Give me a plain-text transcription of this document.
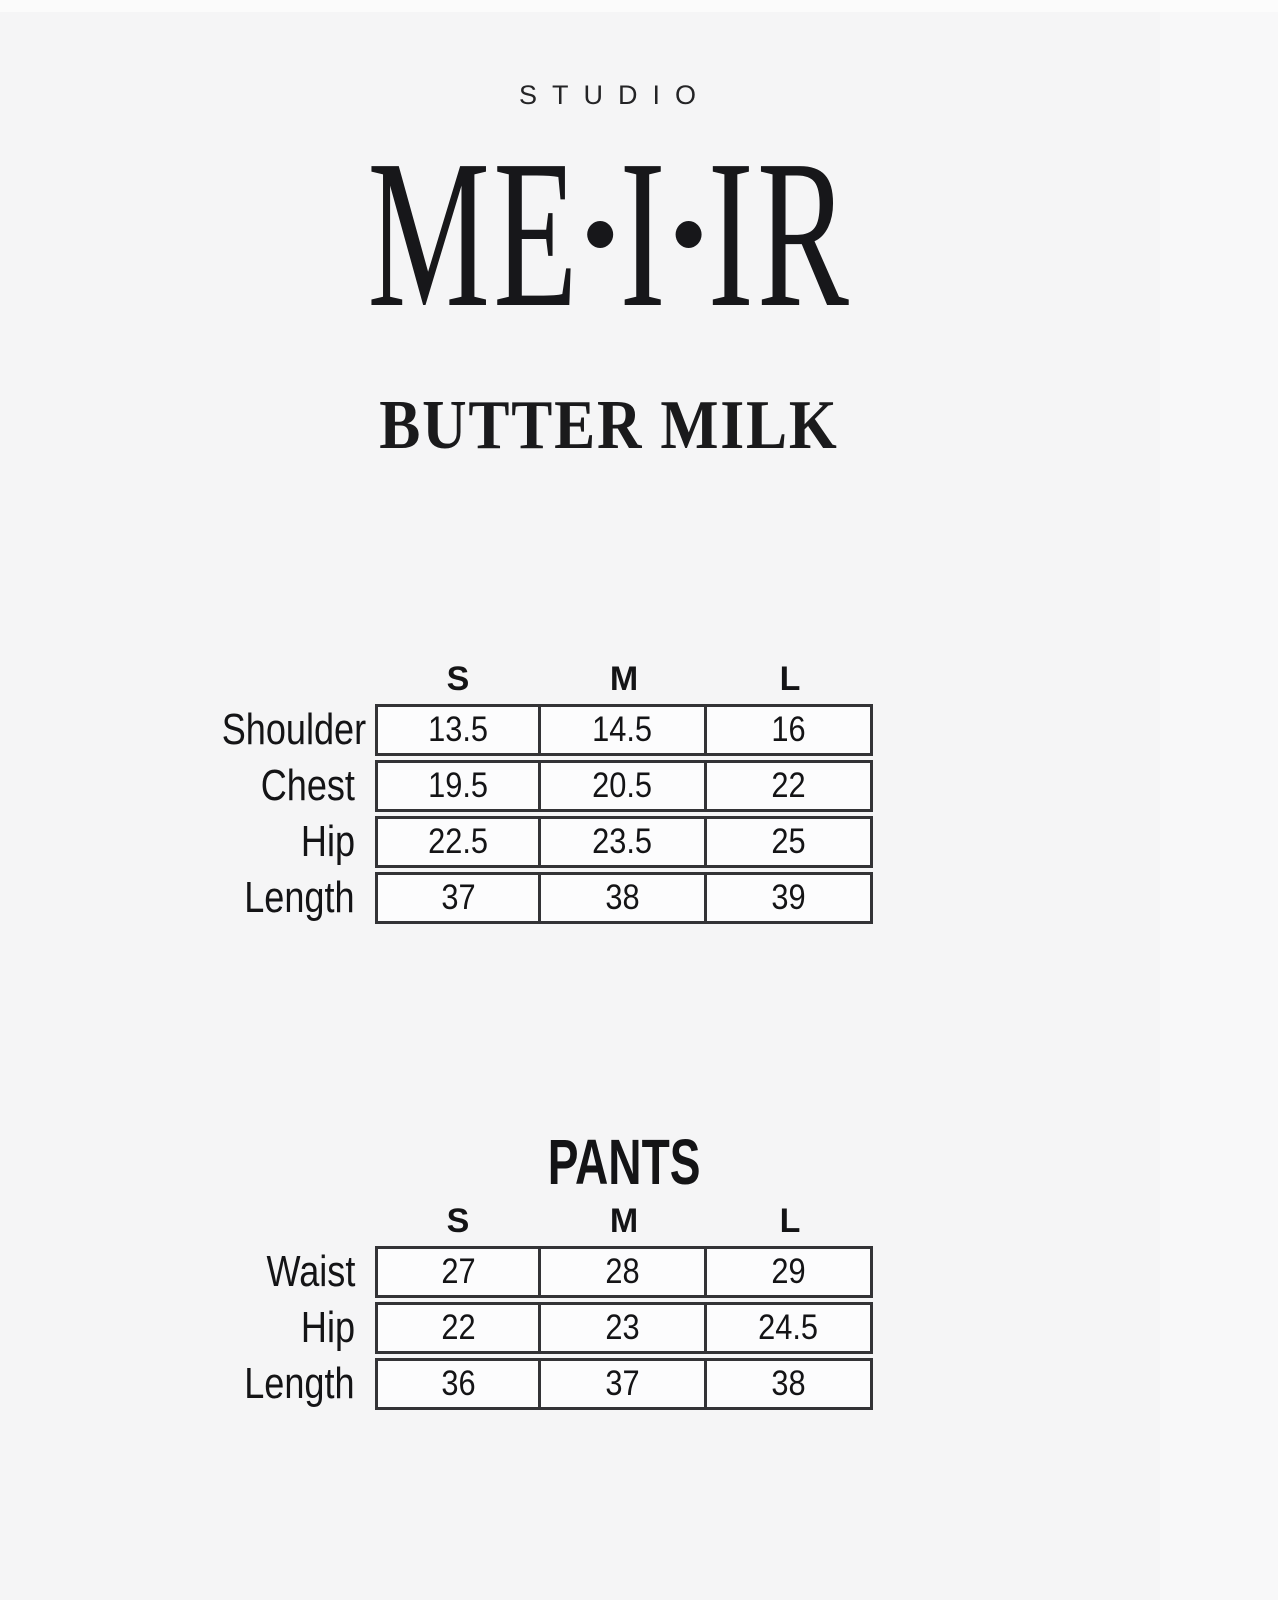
STUDIO
ME I IR
BUTTER MILK
S	M	L
Shoulder	13.5	14.5	16
Chest	19.5	20.5	22
Hip	22.5	23.5	25
Length	37	38	39
PANTS
S	M	L
Waist	27	28	29
Hip	22	23	24.5
Length	36	37	38
